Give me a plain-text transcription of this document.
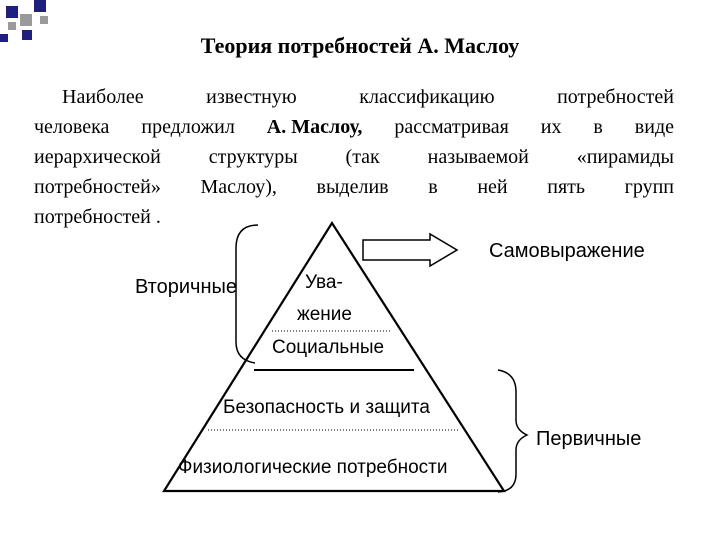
Теория потребностей А. Маслоу
Наиболее	известную	классификацию	потребностей
человека предложил А. Маслоу, рассматривая их в виде
иерархической структуры (так называемой «пирамиды
потребностей» Маслоу), выделив в ней пять групп
потребностей .
Самовыражение
Вторичные	Ува-
жение
Социальные
Безопасность и защита
Первичные
Физиологические потребности
